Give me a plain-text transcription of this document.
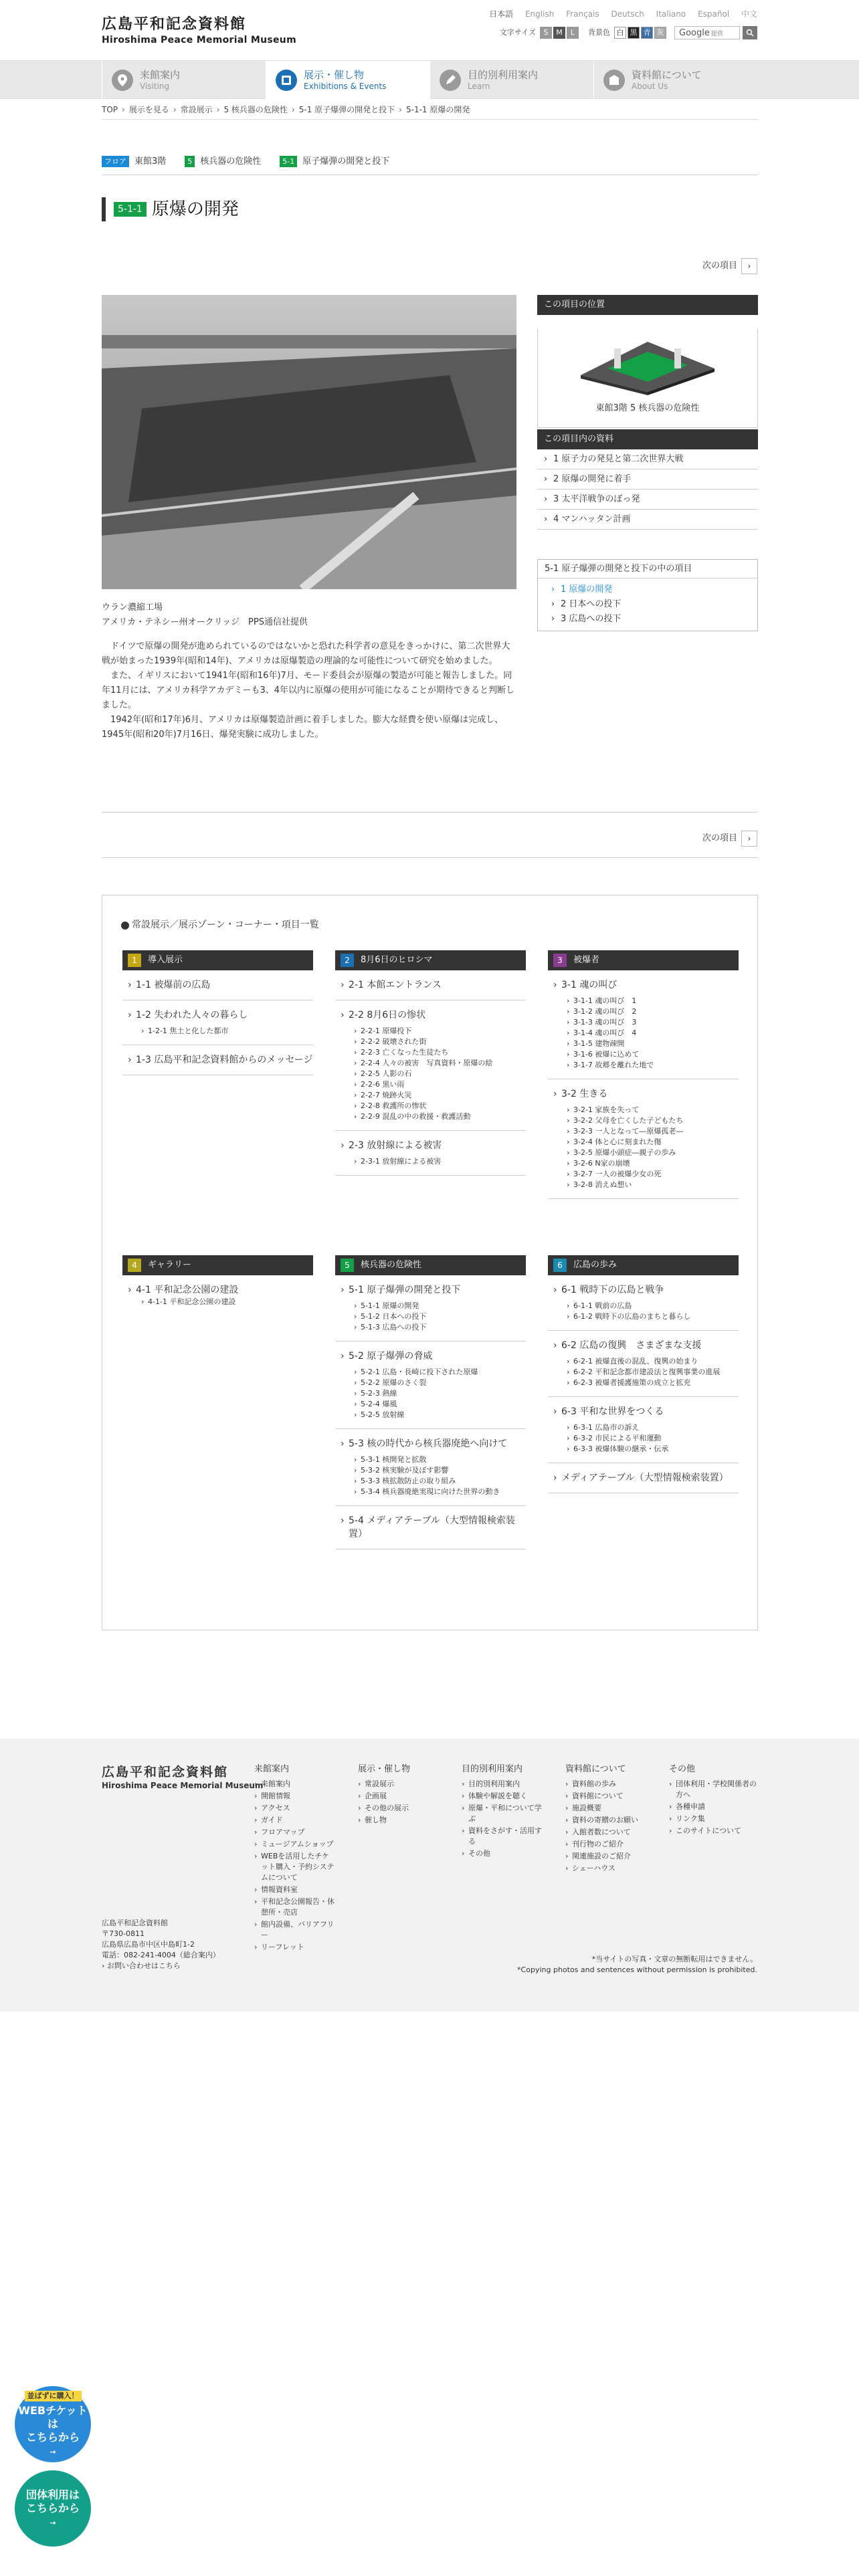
広島平和記念資料館
Hiroshima Peace Memorial Museum
日本語 English Français Deutsch Italiano Español 中文
文字サイズ	S	M	L	背景色 白 黒 青 灰	Google 提供
来館案内
Visiting
展示・催し物
Exhibitions & Events
目的別利用案内
Learn
資料館について
About Us
TOP › 展示を見る › 常設展示 › 5 核兵器の危険性 › 5-1 原子爆弾の開発と投下 › 5-1-1 原爆の開発
フロア 東館3階	5 核兵器の危険性	5-1 原子爆弾の開発と投下
5-1-1 原爆の開発
次の項目	›
ウラン濃縮工場
アメリカ・テネシー州オークリッジ　PPS通信社提供

ドイツで原爆の開発が進められているのではないかと恐れた科学者の意見をきっかけに、第二次世界大戦が始まった1939年(昭和14年)、アメリカは原爆製造の理論的な可能性について研究を始めました。

また、イギリスにおいて1941年(昭和16年)7月、モード委員会が原爆の製造が可能と報告しました。同年11月には、アメリカ科学アカデミーも3、4年以内に原爆の使用が可能になることが期待できると判断しました。

1942年(昭和17年)6月、アメリカは原爆製造計画に着手しました。膨大な経費を使い原爆は完成し、1945年(昭和20年)7月16日、爆発実験に成功しました。

この項目の位置
東館3階 5 核兵器の危険性
この項目内の資料
› 1 原子力の発見と第二次世界大戦
› 2 原爆の開発に着手
› 3 太平洋戦争のぼっ発
› 4 マンハッタン計画
5-1 原子爆弾の開発と投下の中の項目
› 1 原爆の開発
› 2 日本への投下
› 3 広島への投下
次の項目	›
常設展示／展示ゾーン・コーナー・項目一覧
1	導入展示
› 1-1 被爆前の広島
› 1-2 失われた人々の暮らし
› 1-2-1 焦土と化した都市
› 1-3 広島平和記念資料館からのメッセージ
2	8月6日のヒロシマ
› 2-1 本館エントランス
› 2-2 8月6日の惨状
› 2-2-1 原爆投下
› 2-2-2 破壊された街
› 2-2-3 亡くなった生徒たち
› 2-2-4 人々の被害　写真資料・原爆の絵
› 2-2-5 人影の石
› 2-2-6 黒い雨
› 2-2-7 焼跡火災
› 2-2-8 救護所の惨状
› 2-2-9 混乱の中の救援・救護活動
› 2-3 放射線による被害
› 2-3-1 放射線による被害
3	被爆者
› 3-1 魂の叫び
› 3-1-1 魂の叫び　1
› 3-1-2 魂の叫び　2
› 3-1-3 魂の叫び　3
› 3-1-4 魂の叫び　4
› 3-1-5 建物疎開
› 3-1-6 被爆に込めて
› 3-1-7 故郷を離れた地で
› 3-2 生きる
› 3-2-1 家族を失って
› 3-2-2 父母を亡くした子どもたち
› 3-2-3 一人となって―原爆孤老―
› 3-2-4 体と心に刻まれた傷
› 3-2-5 原爆小頭症―親子の歩み
› 3-2-6 N家の崩壊
› 3-2-7 一人の被爆少女の死
› 3-2-8 消えぬ想い
4	ギャラリー
› 4-1 平和記念公園の建設
› 4-1-1 平和記念公園の建設
5	核兵器の危険性
› 5-1 原子爆弾の開発と投下
› 5-1-1 原爆の開発
› 5-1-2 日本への投下
› 5-1-3 広島への投下
› 5-2 原子爆弾の脅威
› 5-2-1 広島・長崎に投下された原爆
› 5-2-2 原爆のさく裂
› 5-2-3 熱線
› 5-2-4 爆風
› 5-2-5 放射線
› 5-3 核の時代から核兵器廃絶へ向けて
› 5-3-1 核開発と拡散
› 5-3-2 核実験が及ぼす影響
› 5-3-3 核拡散防止の取り組み
› 5-3-4 核兵器廃絶実現に向けた世界の動き
› 5-4 メディアテーブル（大型情報検索装置）
6	広島の歩み
› 6-1 戦時下の広島と戦争
› 6-1-1 戦前の広島
› 6-1-2 戦時下の広島のまちと暮らし
› 6-2 広島の復興　さまざまな支援
› 6-2-1 被爆直後の混乱、復興の始まり
› 6-2-2 平和記念都市建設法と復興事業の進展
› 6-2-3 被爆者援護施策の成立と拡充
› 6-3 平和な世界をつくる
› 6-3-1 広島市の訴え
› 6-3-2 市民による平和運動
› 6-3-3 被爆体験の継承・伝承
› メディアテーブル（大型情報検索装置）
広島平和記念資料館
Hiroshima Peace Memorial Museum
来館案内
› 来館案内
› 開館情報
› アクセス
› ガイド
› フロアマップ
› ミュージアムショップ
› WEBを活用したチケット購入・予約システムについて
› 情報資料室
› 平和記念公園報告・休憩所・売店
› 館内設備、バリアフリー
› リーフレット
展示・催し物
› 常設展示
› 企画展
› その他の展示
› 催し物
目的別利用案内
› 目的別利用案内
› 体験や解説を聴く
› 原爆・平和について学ぶ
› 資料をさがす・活用する
› その他
資料館について
› 資料館の歩み
› 資料館について
› 施設概要
› 資料の寄贈のお願い
› 入館者数について
› 刊行物のご紹介
› 関連施設のご紹介
› シェーハウス
その他
› 団体利用・学校関係者の方へ
› 各種申請
› リンク集
› このサイトについて
広島平和記念資料館
〒730-0811
広島県広島市中区中島町1-2
電話：082-241-4004（総合案内）
› お問い合わせはこちら
*当サイトの写真・文章の無断転用はできません。
*Copying photos and sentences without permission is prohibited.
並ばずに購入！
WEBチケットは
こちらから
→
団体利用は
こちらから
→
